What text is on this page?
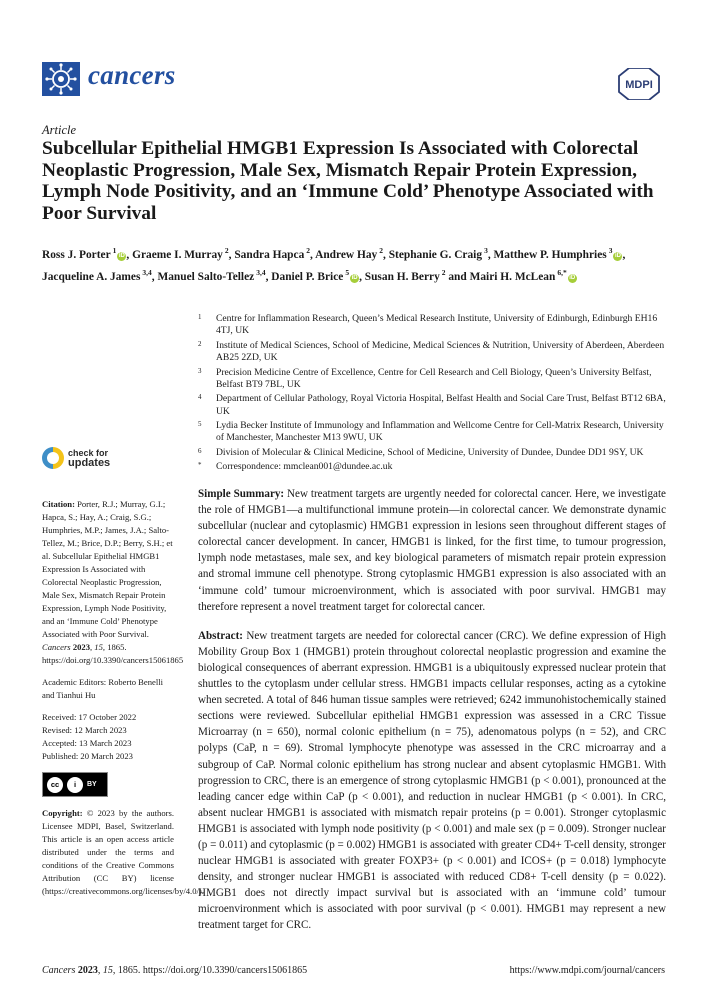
cancers	MDPI
Article
Subcellular Epithelial HMGB1 Expression Is Associated with Colorectal Neoplastic Progression, Male Sex, Mismatch Repair Protein Expression, Lymph Node Positivity, and an ‘Immune Cold’ Phenotype Associated with Poor Survival
Ross J. Porter $^1$iD , Graeme I. Murray $^2$, Sandra Hapca $^2$, Andrew Hay $^2$, Stephanie G. Craig $^3$, Matthew P. Humphries $^3$iD , Jacqueline A. James $^{3,4}$, Manuel Salto-Tellez $^{3,4}$, Daniel P. Brice $^5$iD , Susan H. Berry $^2$ and Mairi H. McLean $^{6,*}$iD
1 Centre for Inflammation Research, Queen’s Medical Research Institute, University of Edinburgh, Edinburgh EH16 4TJ, UK
2 Institute of Medical Sciences, School of Medicine, Medical Sciences & Nutrition, University of Aberdeen, Aberdeen AB25 2ZD, UK
3 Precision Medicine Centre of Excellence, Centre for Cell Research and Cell Biology, Queen’s University Belfast, Belfast BT9 7BL, UK
4 Department of Cellular Pathology, Royal Victoria Hospital, Belfast Health and Social Care Trust, Belfast BT12 6BA, UK
5 Lydia Becker Institute of Immunology and Inflammation and Wellcome Centre for Cell-Matrix Research, University of Manchester, Manchester M13 9WU, UK
6 Division of Molecular & Clinical Medicine, School of Medicine, University of Dundee, Dundee DD1 9SY, UK
* Correspondence: mmclean001@dundee.ac.uk
check for
updates

Citation: Porter, R.J.; Murray, G.I.; Hapca, S.; Hay, A.; Craig, S.G.; Humphries, M.P.; James, J.A.; Salto-Tellez, M.; Brice, D.P.; Berry, S.H.; et al. Subcellular Epithelial HMGB1 Expression Is Associated with Colorectal Neoplastic Progression, Male Sex, Mismatch Repair Protein Expression, Lymph Node Positivity, and an ‘Immune Cold’ Phenotype Associated with Poor Survival. Cancers 2023, 15, 1865. https://doi.org/10.3390/cancers15061865

Academic Editors: Roberto Benelli and Tianhui Hu

Received: 17 October 2022

Revised: 12 March 2023

Accepted: 13 March 2023

Published: 20 March 2023

cc	i	BY

Copyright: © 2023 by the authors. Licensee MDPI, Basel, Switzerland. This article is an open access article distributed under the terms and conditions of the Creative Commons Attribution (CC BY) license (https://creativecommons.org/licenses/by/4.0/).

Simple Summary: New treatment targets are urgently needed for colorectal cancer. Here, we investigate the role of HMGB1—a multifunctional immune protein—in colorectal cancer. We demonstrate dynamic subcellular (nuclear and cytoplasmic) HMGB1 expression in lesions seen throughout different stages of colorectal cancer development. In cancer, HMGB1 is linked, for the first time, to tumour progression, lymph node metastases, male sex, and key biological parameters of mismatch repair protein expression and stromal immune cell phenotype. Strong cytoplasmic HMGB1 expression is also associated with an ‘immune cold’ tumour microenvironment, which is associated with poor survival. HMGB1 may therefore represent a novel treatment target for colorectal cancer.

Abstract: New treatment targets are needed for colorectal cancer (CRC). We define expression of High Mobility Group Box 1 (HMGB1) protein throughout colorectal neoplastic progression and examine the biological consequences of aberrant expression. HMGB1 is a ubiquitously expressed nuclear protein that shuttles to the cytoplasm under cellular stress. HMGB1 impacts cellular responses, acting as a cytokine when secreted. A total of 846 human tissue samples were retrieved; 6242 immunohistochemically stained sections were reviewed. Subcellular epithelial HMGB1 expression was assessed in a CRC Tissue Microarray (n = 650), normal colonic epithelium (n = 75), adenomatous polyps (n = 52), and CRC polyps (CaP, n = 69). Stromal lymphocyte phenotype was assessed in the CRC microarray and a subgroup of CaP. Normal colonic epithelium has strong nuclear and absent cytoplasmic HMGB1. With progression to CRC, there is an emergence of strong cytoplasmic HMGB1 (p < 0.001), pronounced at the leading cancer edge within CaP (p < 0.001), and reduction in nuclear HMGB1 (p < 0.001). In CRC, absent nuclear HMGB1 is associated with mismatch repair proteins (p = 0.001). Stronger cytoplasmic HMGB1 is associated with lymph node positivity (p < 0.001) and male sex (p = 0.009). Stronger nuclear (p = 0.011) and cytoplasmic (p = 0.002) HMGB1 is associated with greater CD4+ T-cell density, stronger nuclear HMGB1 is associated with greater FOXP3+ (p < 0.001) and ICOS+ (p = 0.018) lymphocyte density, and stronger nuclear HMGB1 is associated with reduced CD8+ T-cell density (p = 0.022). HMGB1 does not directly impact survival but is associated with an ‘immune cold’ tumour microenvironment which is associated with poor survival (p < 0.001). HMGB1 may represent a new treatment target for CRC.

Cancers 2023, 15, 1865. https://doi.org/10.3390/cancers15061865	https://www.mdpi.com/journal/cancers
